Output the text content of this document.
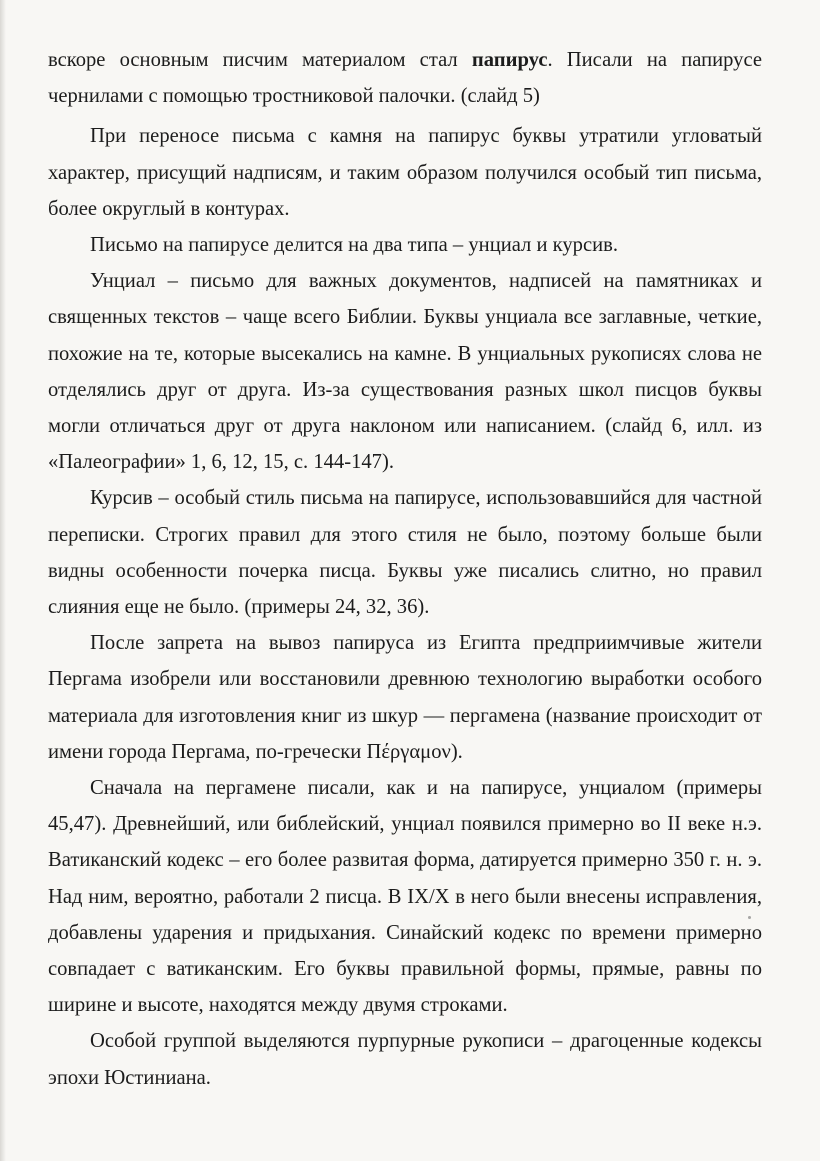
вскоре основным писчим материалом стал папирус. Писали на папирусе чернилами с помощью тростниковой палочки. (слайд 5)

При переносе письма с камня на папирус буквы утратили угловатый характер, присущий надписям, и таким образом получился особый тип письма, более округлый в контурах.

Письмо на папирусе делится на два типа – унциал и курсив.

Унциал – письмо для важных документов, надписей на памятниках и священных текстов – чаще всего Библии. Буквы унциала все заглавные, четкие, похожие на те, которые высекались на камне. В унциальных рукописях слова не отделялись друг от друга. Из-за существования разных школ писцов буквы могли отличаться друг от друга наклоном или написанием. (слайд 6, илл. из «Палеографии» 1, 6, 12, 15, с. 144-147).

Курсив – особый стиль письма на папирусе, использовавшийся для частной переписки. Строгих правил для этого стиля не было, поэтому больше были видны особенности почерка писца. Буквы уже писались слитно, но правил слияния еще не было. (примеры 24, 32, 36).

После запрета на вывоз папируса из Египта предприимчивые жители Пергама изобрели или восстановили древнюю технологию выработки особого материала для изготовления книг из шкур — пергамена (название происходит от имени города Пергама, по-гречески Πέργαμον).

Сначала на пергамене писали, как и на папирусе, унциалом (примеры 45,47). Древнейший, или библейский, унциал появился примерно во II веке н.э. Ватиканский кодекс – его более развитая форма, датируется примерно 350 г. н. э. Над ним, вероятно, работали 2 писца. В IX/X в него были внесены исправления, добавлены ударения и придыхания. Синайский кодекс по времени примерно совпадает с ватиканским. Его буквы правильной формы, прямые, равны по ширине и высоте, находятся между двумя строками.

Особой группой выделяются пурпурные рукописи – драгоценные кодексы эпохи Юстиниана.
